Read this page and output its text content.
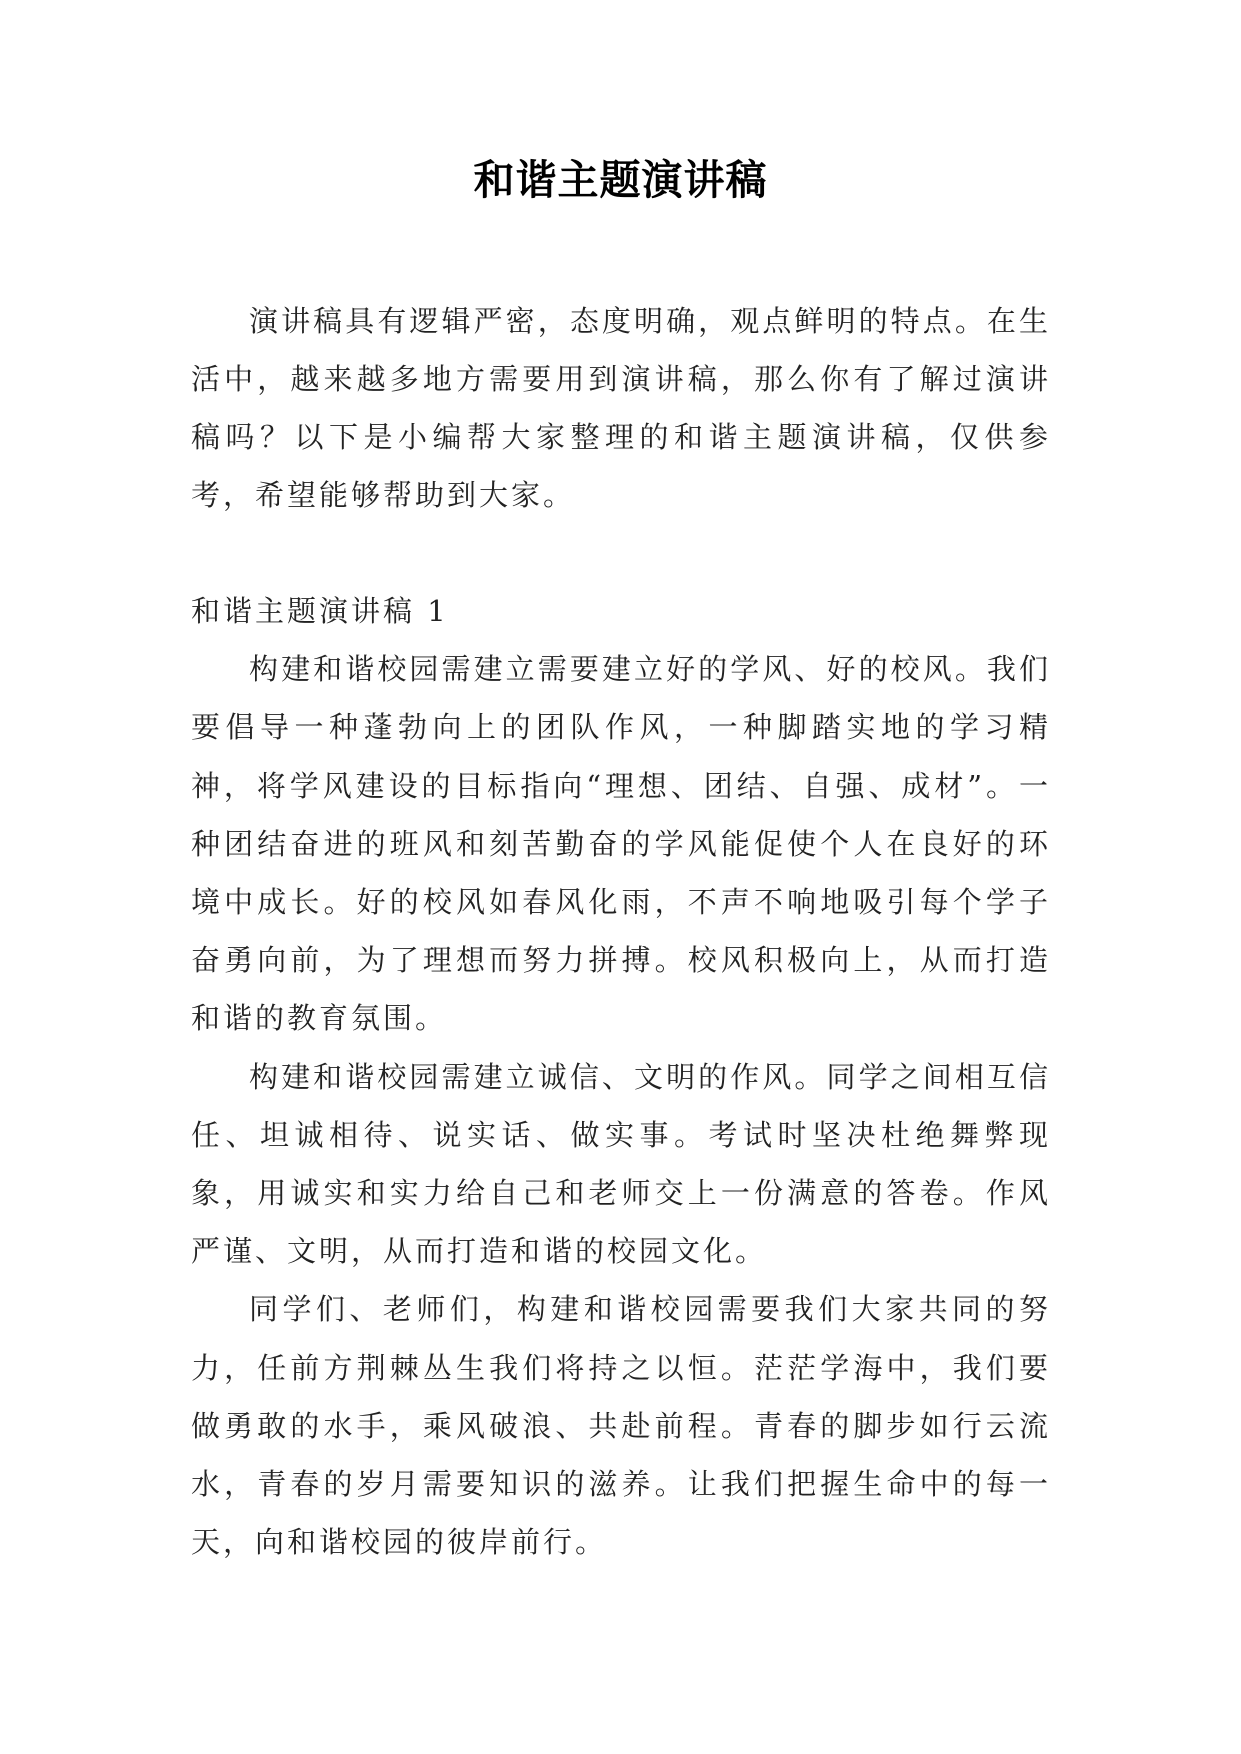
和谐主题演讲稿

演讲稿具有逻辑严密，态度明确，观点鲜明的特点。在生活中，越来越多地方需要用到演讲稿，那么你有了解过演讲稿吗？以下是小编帮大家整理的和谐主题演讲稿，仅供参考，希望能够帮助到大家。

和谐主题演讲稿 1

构建和谐校园需建立需要建立好的学风、好的校风。我们要倡导一种蓬勃向上的团队作风，一种脚踏实地的学习精神，将学风建设的目标指向“理想、团结、自强、成材”。一种团结奋进的班风和刻苦勤奋的学风能促使个人在良好的环境中成长。好的校风如春风化雨，不声不响地吸引每个学子奋勇向前，为了理想而努力拼搏。校风积极向上，从而打造和谐的教育氛围。

构建和谐校园需建立诚信、文明的作风。同学之间相互信任、坦诚相待、说实话、做实事。考试时坚决杜绝舞弊现象，用诚实和实力给自己和老师交上一份满意的答卷。作风严谨、文明，从而打造和谐的校园文化。

同学们、老师们，构建和谐校园需要我们大家共同的努力，任前方荆棘丛生我们将持之以恒。茫茫学海中，我们要做勇敢的水手，乘风破浪、共赴前程。青春的脚步如行云流水，青春的岁月需要知识的滋养。让我们把握生命中的每一天，向和谐校园的彼岸前行。
